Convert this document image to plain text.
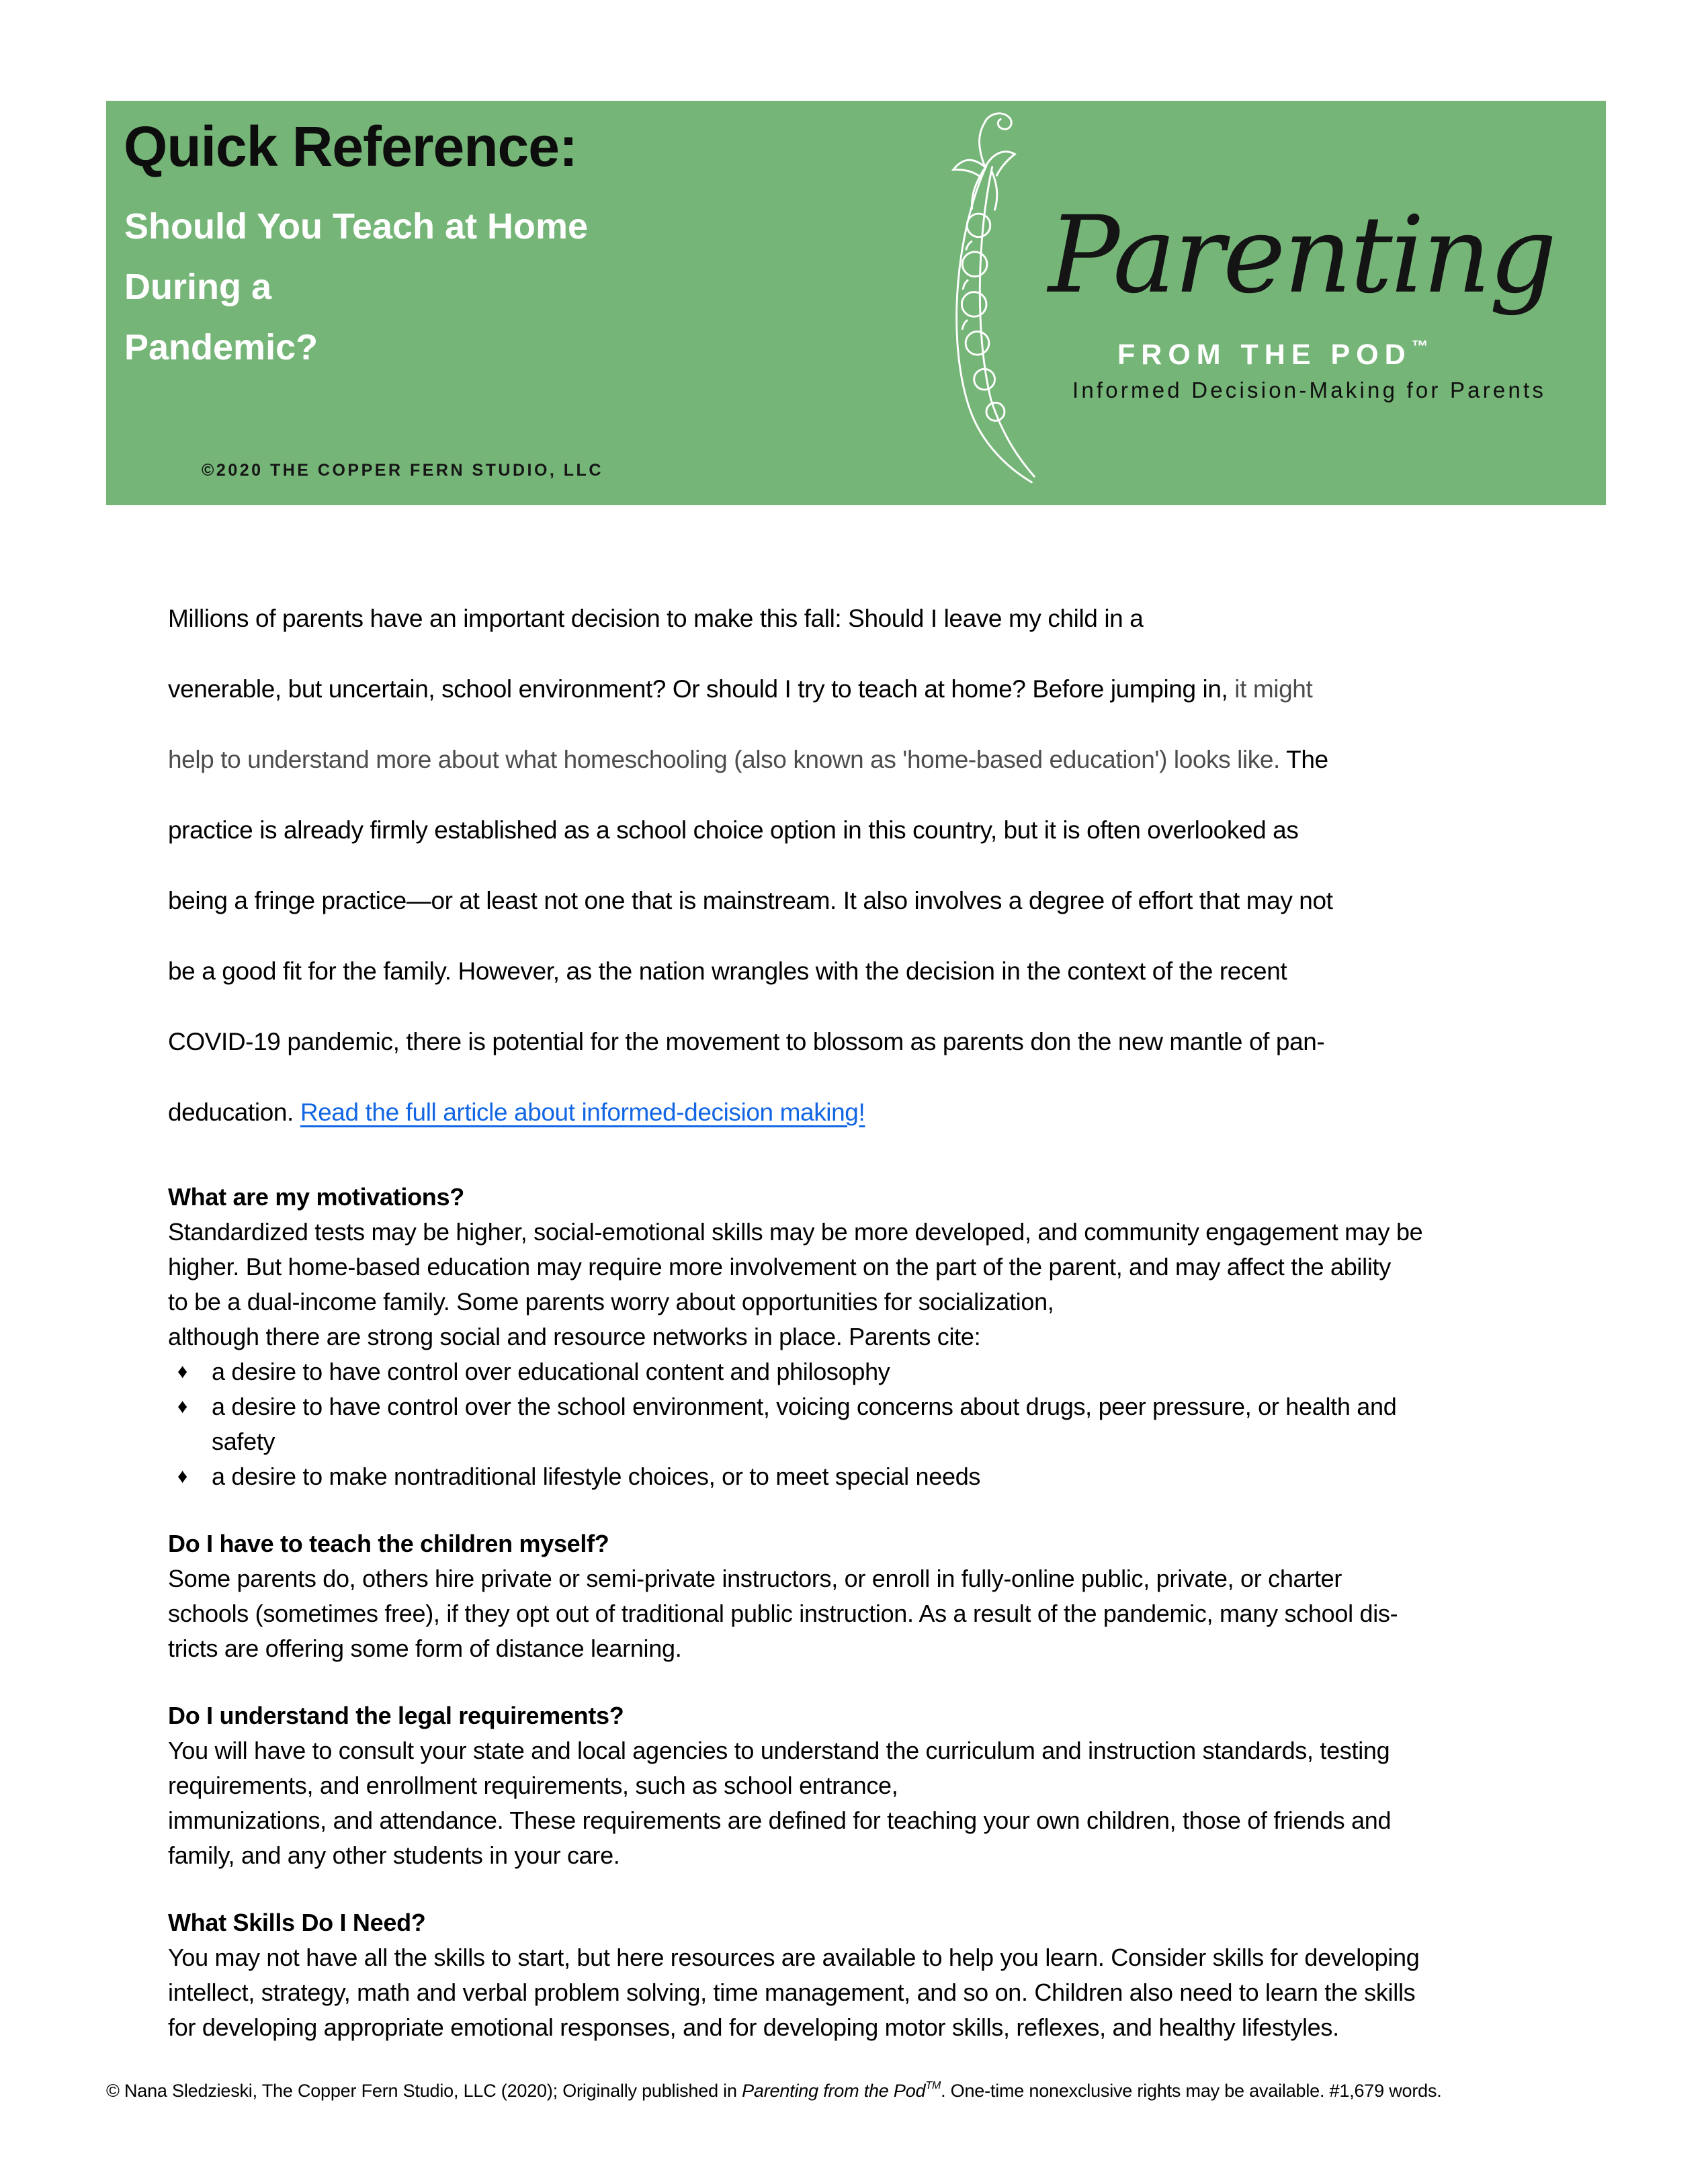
Quick Reference:
Should You Teach at Home
During a
Pandemic?
©2020 THE COPPER FERN STUDIO, LLC
Parenting
FROM THE POD™
Informed Decision-Making for Parents
Millions of parents have an important decision to make this fall: Should I leave my child in a
venerable, but uncertain, school environment? Or should I try to teach at home? Before jumping in, it might
help to understand more about what homeschooling (also known as 'home-based education') looks like. The
practice is already firmly established as a school choice option in this country, but it is often overlooked as
being a fringe practice—or at least not one that is mainstream. It also involves a degree of effort that may not
be a good fit for the family. However, as the nation wrangles with the decision in the context of the recent
COVID-19 pandemic, there is potential for the movement to blossom as parents don the new mantle of pan-
deducation. Read the full article about informed-decision making!
What are my motivations?
Standardized tests may be higher, social-emotional skills may be more developed, and community engagement may be
higher. But home-based education may require more involvement on the part of the parent, and may affect the ability
to be a dual-income family. Some parents worry about opportunities for socialization,
although there are strong social and resource networks in place. Parents cite:
♦ a desire to have control over educational content and philosophy
♦ a desire to have control over the school environment, voicing concerns about drugs, peer pressure, or health and
safety
♦ a desire to make nontraditional lifestyle choices, or to meet special needs
Do I have to teach the children myself?
Some parents do, others hire private or semi-private instructors, or enroll in fully-online public, private, or charter
schools (sometimes free), if they opt out of traditional public instruction. As a result of the pandemic, many school dis-
tricts are offering some form of distance learning.
Do I understand the legal requirements?
You will have to consult your state and local agencies to understand the curriculum and instruction standards, testing
requirements, and enrollment requirements, such as school entrance,
immunizations, and attendance. These requirements are defined for teaching your own children, those of friends and
family, and any other students in your care.
What Skills Do I Need?
You may not have all the skills to start, but here resources are available to help you learn. Consider skills for developing
intellect, strategy, math and verbal problem solving, time management, and so on. Children also need to learn the skills
for developing appropriate emotional responses, and for developing motor skills, reflexes, and healthy lifestyles.
© Nana Sledzieski, The Copper Fern Studio, LLC (2020); Originally published in Parenting from the Pod™. One-time nonexclusive rights may be available. #1,679 words.
